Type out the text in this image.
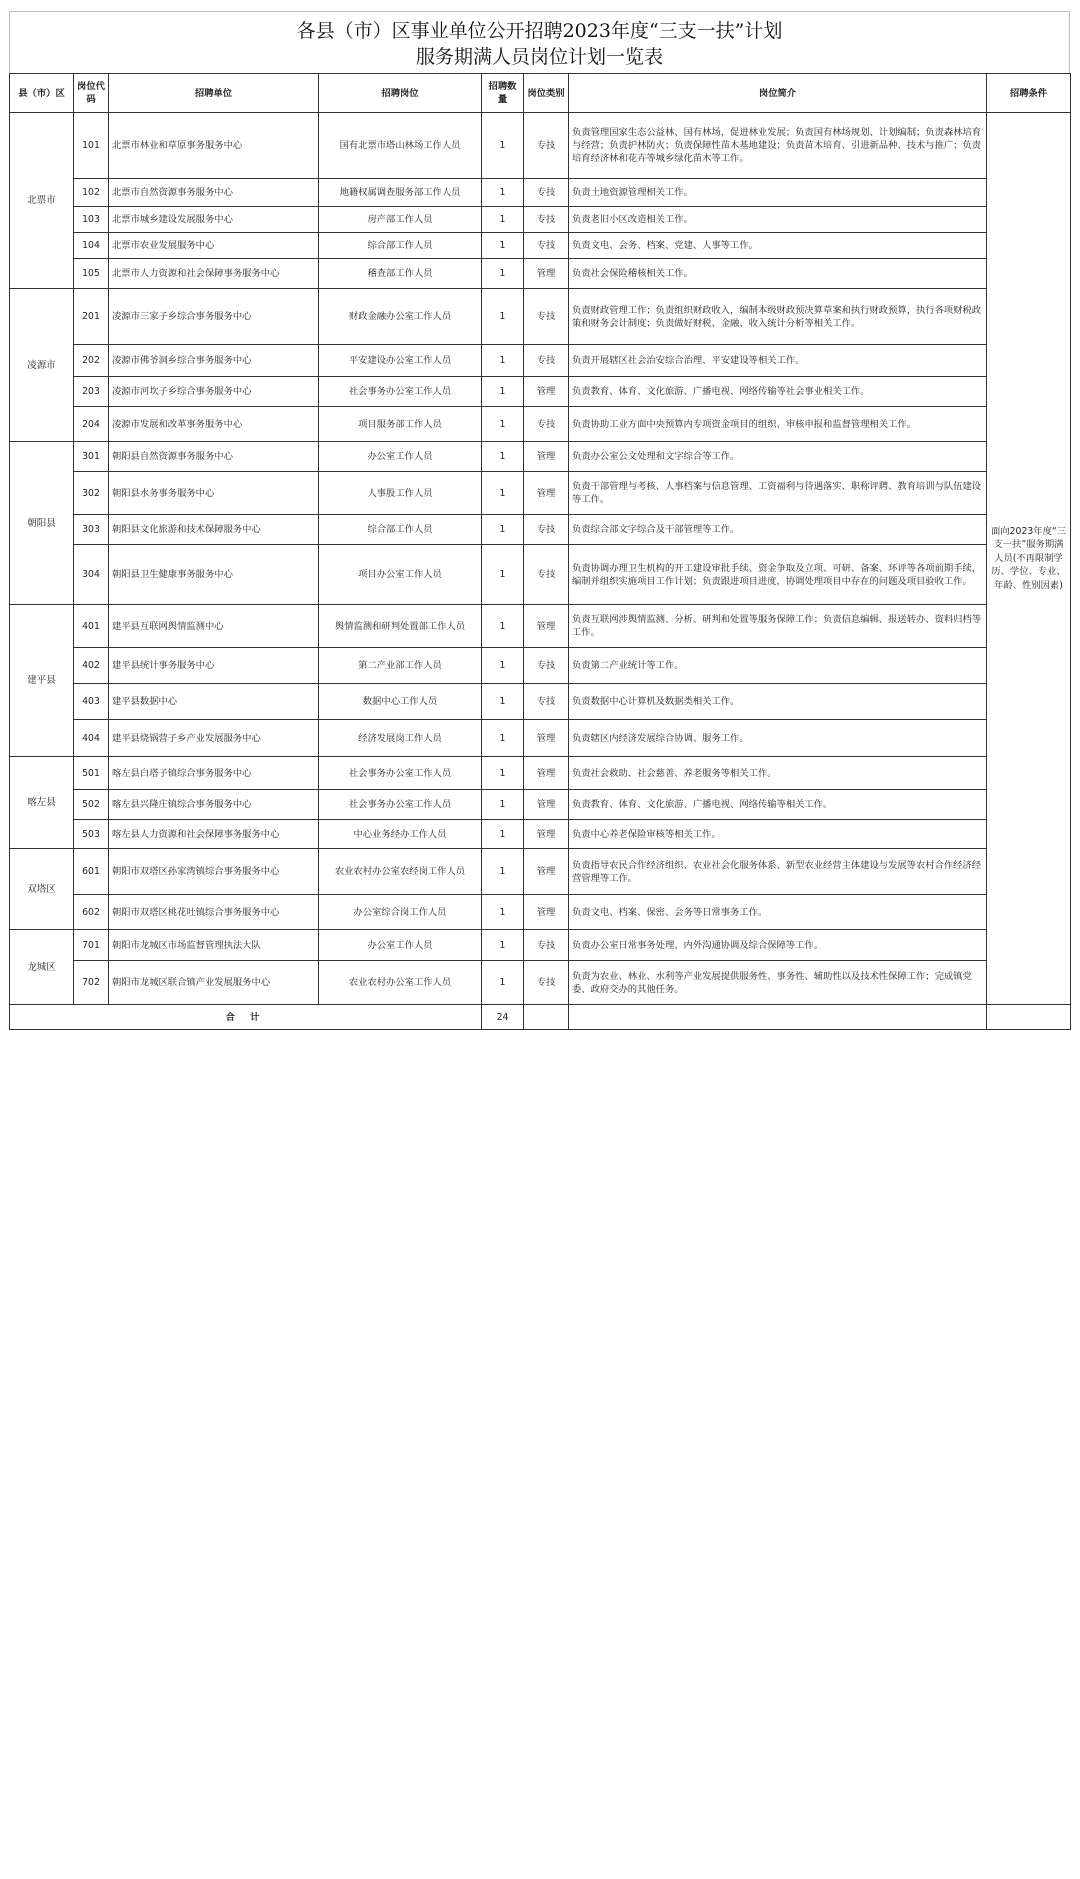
各县（市）区事业单位公开招聘2023年度“三支一扶”计划
服务期满人员岗位计划一览表
县（市）区	岗位代码	招聘单位	招聘岗位	招聘数量	岗位类别	岗位简介	招聘条件
北票市	101	北票市林业和草原事务服务中心	国有北票市塔山林场工作人员	1	专技	负责管理国家生态公益林、国有林场，促进林业发展；负责国有林场规划、计划编制；负责森林培育与经营；负责护林防火；负责保障性苗木基地建设；负责苗木培育、引进新品种、技术与推广；负责培育经济林和花卉等城乡绿化苗木等工作。	面向2023年度“三支一扶”服务期满人员(不再限制学历、学位、专业、年龄、性别因素)
	102	北票市自然资源事务服务中心	地籍权属调查服务部工作人员	1	专技	负责土地资源管理相关工作。	
	103	北票市城乡建设发展服务中心	房产部工作人员	1	专技	负责老旧小区改造相关工作。	
	104	北票市农业发展服务中心	综合部工作人员	1	专技	负责文电、会务、档案、党建、人事等工作。	
	105	北票市人力资源和社会保障事务服务中心	稽查部工作人员	1	管理	负责社会保险稽核相关工作。	
凌源市	201	凌源市三家子乡综合事务服务中心	财政金融办公室工作人员	1	专技	负责财政管理工作；负责组织财政收入，编制本级财政预决算草案和执行财政预算，执行各项财税政策和财务会计制度；负责做好财税、金融、收入统计分析等相关工作。	
	202	凌源市佛爷洞乡综合事务服务中心	平安建设办公室工作人员	1	专技	负责开展辖区社会治安综合治理、平安建设等相关工作。	
	203	凌源市河坎子乡综合事务服务中心	社会事务办公室工作人员	1	管理	负责教育、体育、文化旅游、广播电视、网络传输等社会事业相关工作。	
	204	凌源市发展和改革事务服务中心	项目服务部工作人员	1	专技	负责协助工业方面中央预算内专项资金项目的组织、审核申报和监督管理相关工作。	
朝阳县	301	朝阳县自然资源事务服务中心	办公室工作人员	1	管理	负责办公室公文处理和文字综合等工作。	
	302	朝阳县水务事务服务中心	人事股工作人员	1	管理	负责干部管理与考核、人事档案与信息管理、工资福利与待遇落实、职称评聘、教育培训与队伍建设等工作。	
	303	朝阳县文化旅游和技术保障服务中心	综合部工作人员	1	专技	负责综合部文字综合及干部管理等工作。	
	304	朝阳县卫生健康事务服务中心	项目办公室工作人员	1	专技	负责协调办理卫生机构的开工建设审批手续、资金争取及立项、可研、备案、环评等各项前期手续，编制并组织实施项目工作计划；负责跟进项目进度，协调处理项目中存在的问题及项目验收工作。	
建平县	401	建平县互联网舆情监测中心	舆情监测和研判处置部工作人员	1	管理	负责互联网涉舆情监测、分析、研判和处置等服务保障工作；负责信息编辑、报送转办、资料归档等工作。	
	402	建平县统计事务服务中心	第二产业部工作人员	1	专技	负责第二产业统计等工作。	
	403	建平县数据中心	数据中心工作人员	1	专技	负责数据中心计算机及数据类相关工作。	
	404	建平县烧锅营子乡产业发展服务中心	经济发展岗工作人员	1	管理	负责辖区内经济发展综合协调、服务工作。	
喀左县	501	喀左县白塔子镇综合事务服务中心	社会事务办公室工作人员	1	管理	负责社会救助、社会慈善、养老服务等相关工作。	
	502	喀左县兴隆庄镇综合事务服务中心	社会事务办公室工作人员	1	管理	负责教育、体育、文化旅游、广播电视、网络传输等相关工作。	
	503	喀左县人力资源和社会保障事务服务中心	中心业务经办工作人员	1	管理	负责中心养老保险审核等相关工作。	
双塔区	601	朝阳市双塔区孙家湾镇综合事务服务中心	农业农村办公室农经岗工作人员	1	管理	负责指导农民合作经济组织、农业社会化服务体系、新型农业经营主体建设与发展等农村合作经济经营管理等工作。	
	602	朝阳市双塔区桃花吐镇综合事务服务中心	办公室综合岗工作人员	1	管理	负责文电、档案、保密、会务等日常事务工作。	
龙城区	701	朝阳市龙城区市场监督管理执法大队	办公室工作人员	1	专技	负责办公室日常事务处理、内外沟通协调及综合保障等工作。	
	702	朝阳市龙城区联合镇产业发展服务中心	农业农村办公室工作人员	1	专技	负责为农业、林业、水利等产业发展提供服务性、事务性、辅助性以及技术性保障工作；完成镇党委、政府交办的其他任务。	
合 计				24			
